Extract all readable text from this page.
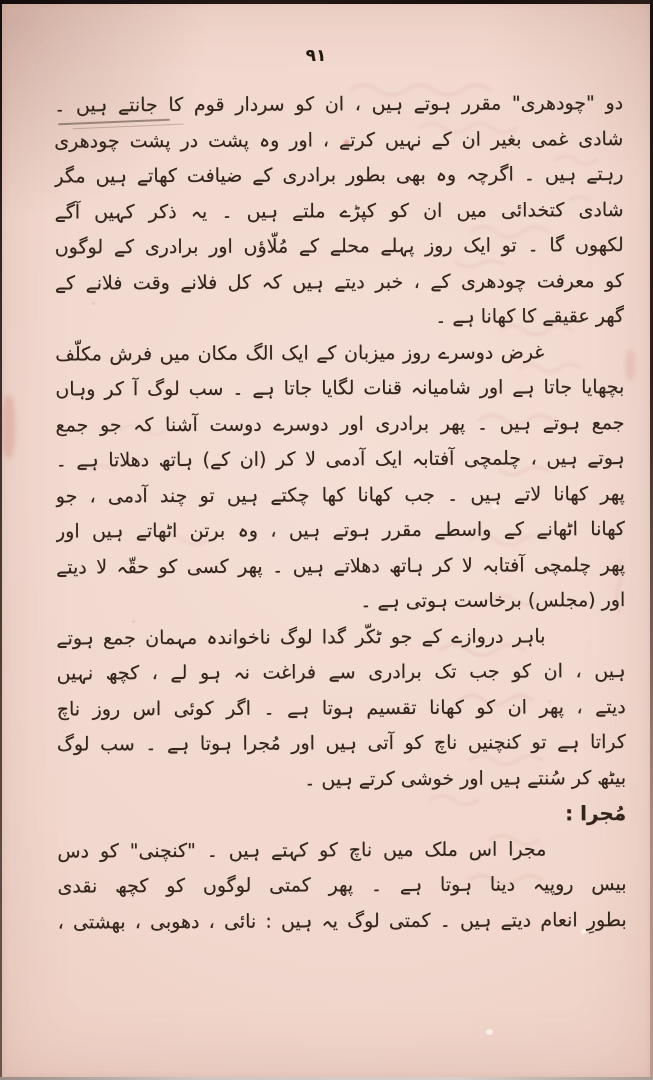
۹۱
دو "چودھری" مقرر ہوتے ہیں ، ان کو سردار قوم کا جانتے ہیں ۔
شادی غمی بغیر ان کے نہیں کرتے ، اور وہ پشت در پشت چودھری
رہتے ہیں ۔ اگرچہ وہ بھی بطور برادری کے ضیافت کھاتے ہیں مگر
شادی کتخدائی میں ان کو کپڑے ملتے ہیں ۔ یہ ذکر کہیں آگے
لکھوں گا ۔ تو ایک روز پہلے محلے کے مُلّاؤں اور برادری کے لوگوں
کو معرفت چودھری کے ، خبر دیتے ہیں کہ کل فلانے وقت فلانے کے
گھر عقیقے کا کھانا ہے ۔
غرض دوسرے روز میزبان کے ایک الگ مکان میں فرش مکلّف
بچھایا جاتا ہے اور شامیانہ قنات لگایا جاتا ہے ۔ سب لوگ آ کر وہاں
جمع ہوتے ہیں ۔ پھر برادری اور دوسرے دوست آشنا کہ جو جمع
ہوتے ہیں ، چلمچی آفتابہ ایک آدمی لا کر (ان کے) ہاتھ دھلاتا ہے ۔
پھر کھانا لاتے ہیں ۔ جب کھانا کھا چکتے ہیں تو چند آدمی ، جو
کھانا اٹھانے کے واسطے مقرر ہوتے ہیں ، وہ برتن اٹھاتے ہیں اور
پھر چلمچی آفتابہ لا کر ہاتھ دھلاتے ہیں ۔ پھر کسی کو حقّہ لا دیتے
اور (مجلس) برخاست ہوتی ہے ۔
باہر دروازے کے جو ٹکّر گدا لوگ ناخواندہ مہمان جمع ہوتے
ہیں ، ان کو جب تک برادری سے فراغت نہ ہو لے ، کچھ نہیں
دیتے ، پھر ان کو کھانا تقسیم ہوتا ہے ۔ اگر کوئی اس روز ناچ
کراتا ہے تو کنچنیں ناچ کو آتی ہیں اور مُجرا ہوتا ہے ۔ سب لوگ
بیٹھ کر سُنتے ہیں اور خوشی کرتے ہیں ۔
مُجرا :
مجرا اس ملک میں ناچ کو کہتے ہیں ۔ "کنچنی" کو دس
بیس روپیہ دینا ہوتا ہے ۔ پھر کمتی لوگوں کو کچھ نقدی
بطورِ انعام دیتے ہیں ۔ کمتی لوگ یہ ہیں : نائی ، دھوبی ، بھشتی ،
